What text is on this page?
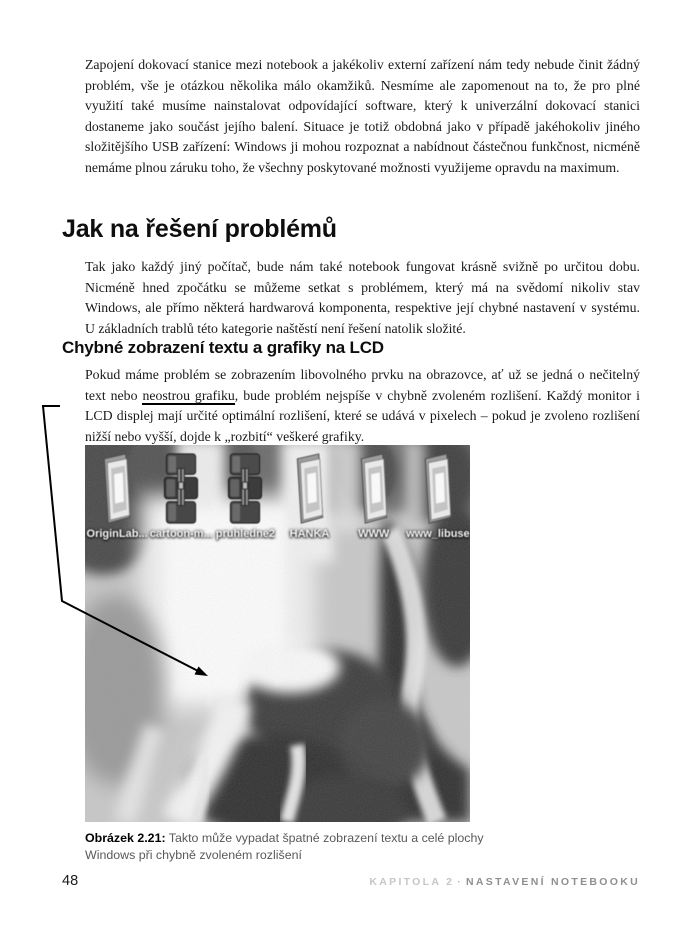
Zapojení dokovací stanice mezi notebook a jakékoliv externí zařízení nám tedy nebude činit žádný problém, vše je otázkou několika málo okamžiků. Nesmíme ale zapomenout na to, že pro plné využití také musíme nainstalovat odpovídající software, který k univerzální dokovací stanici dostaneme jako součást jejího balení. Situace je totiž obdobná jako v případě jakéhokoliv jiného složitějšího USB zařízení: Windows ji mohou rozpoznat a nabídnout částečnou funkčnost, nicméně nemáme plnou záruku toho, že všechny poskytované možnosti využijeme opravdu na maximum.

Jak na řešení problémů

Tak jako každý jiný počítač, bude nám také notebook fungovat krásně svižně po určitou dobu. Nicméně hned zpočátku se můžeme setkat s problémem, který má na svědomí nikoliv stav Windows, ale přímo některá hardwarová komponenta, respektive její chybné nastavení v systému. U základních trablů této kategorie naštěstí není řešení natolik složité.

Chybné zobrazení textu a grafiky na LCD

Pokud máme problém se zobrazením libovolného prvku na obrazovce, ať už se jedná o nečitelný text nebo neostrou grafiku, bude problém nejspíše v chybně zvoleném rozlišení. Každý monitor i LCD displej mají určité optimální rozlišení, které se udává v pixelech – pokud je zvoleno rozlišení nižší nebo vyšší, dojde k „rozbití“ veškeré grafiky.

OriginLab... cartoon-m... pruhledne2 HANKA	WWW www_libuse
Obrázek 2.21: Takto může vypadat špatné zobrazení textu a celé plochy Windows při chybně zvoleném rozlišení
48	KAPITOLA 2 · NASTAVENÍ NOTEBOOKU
